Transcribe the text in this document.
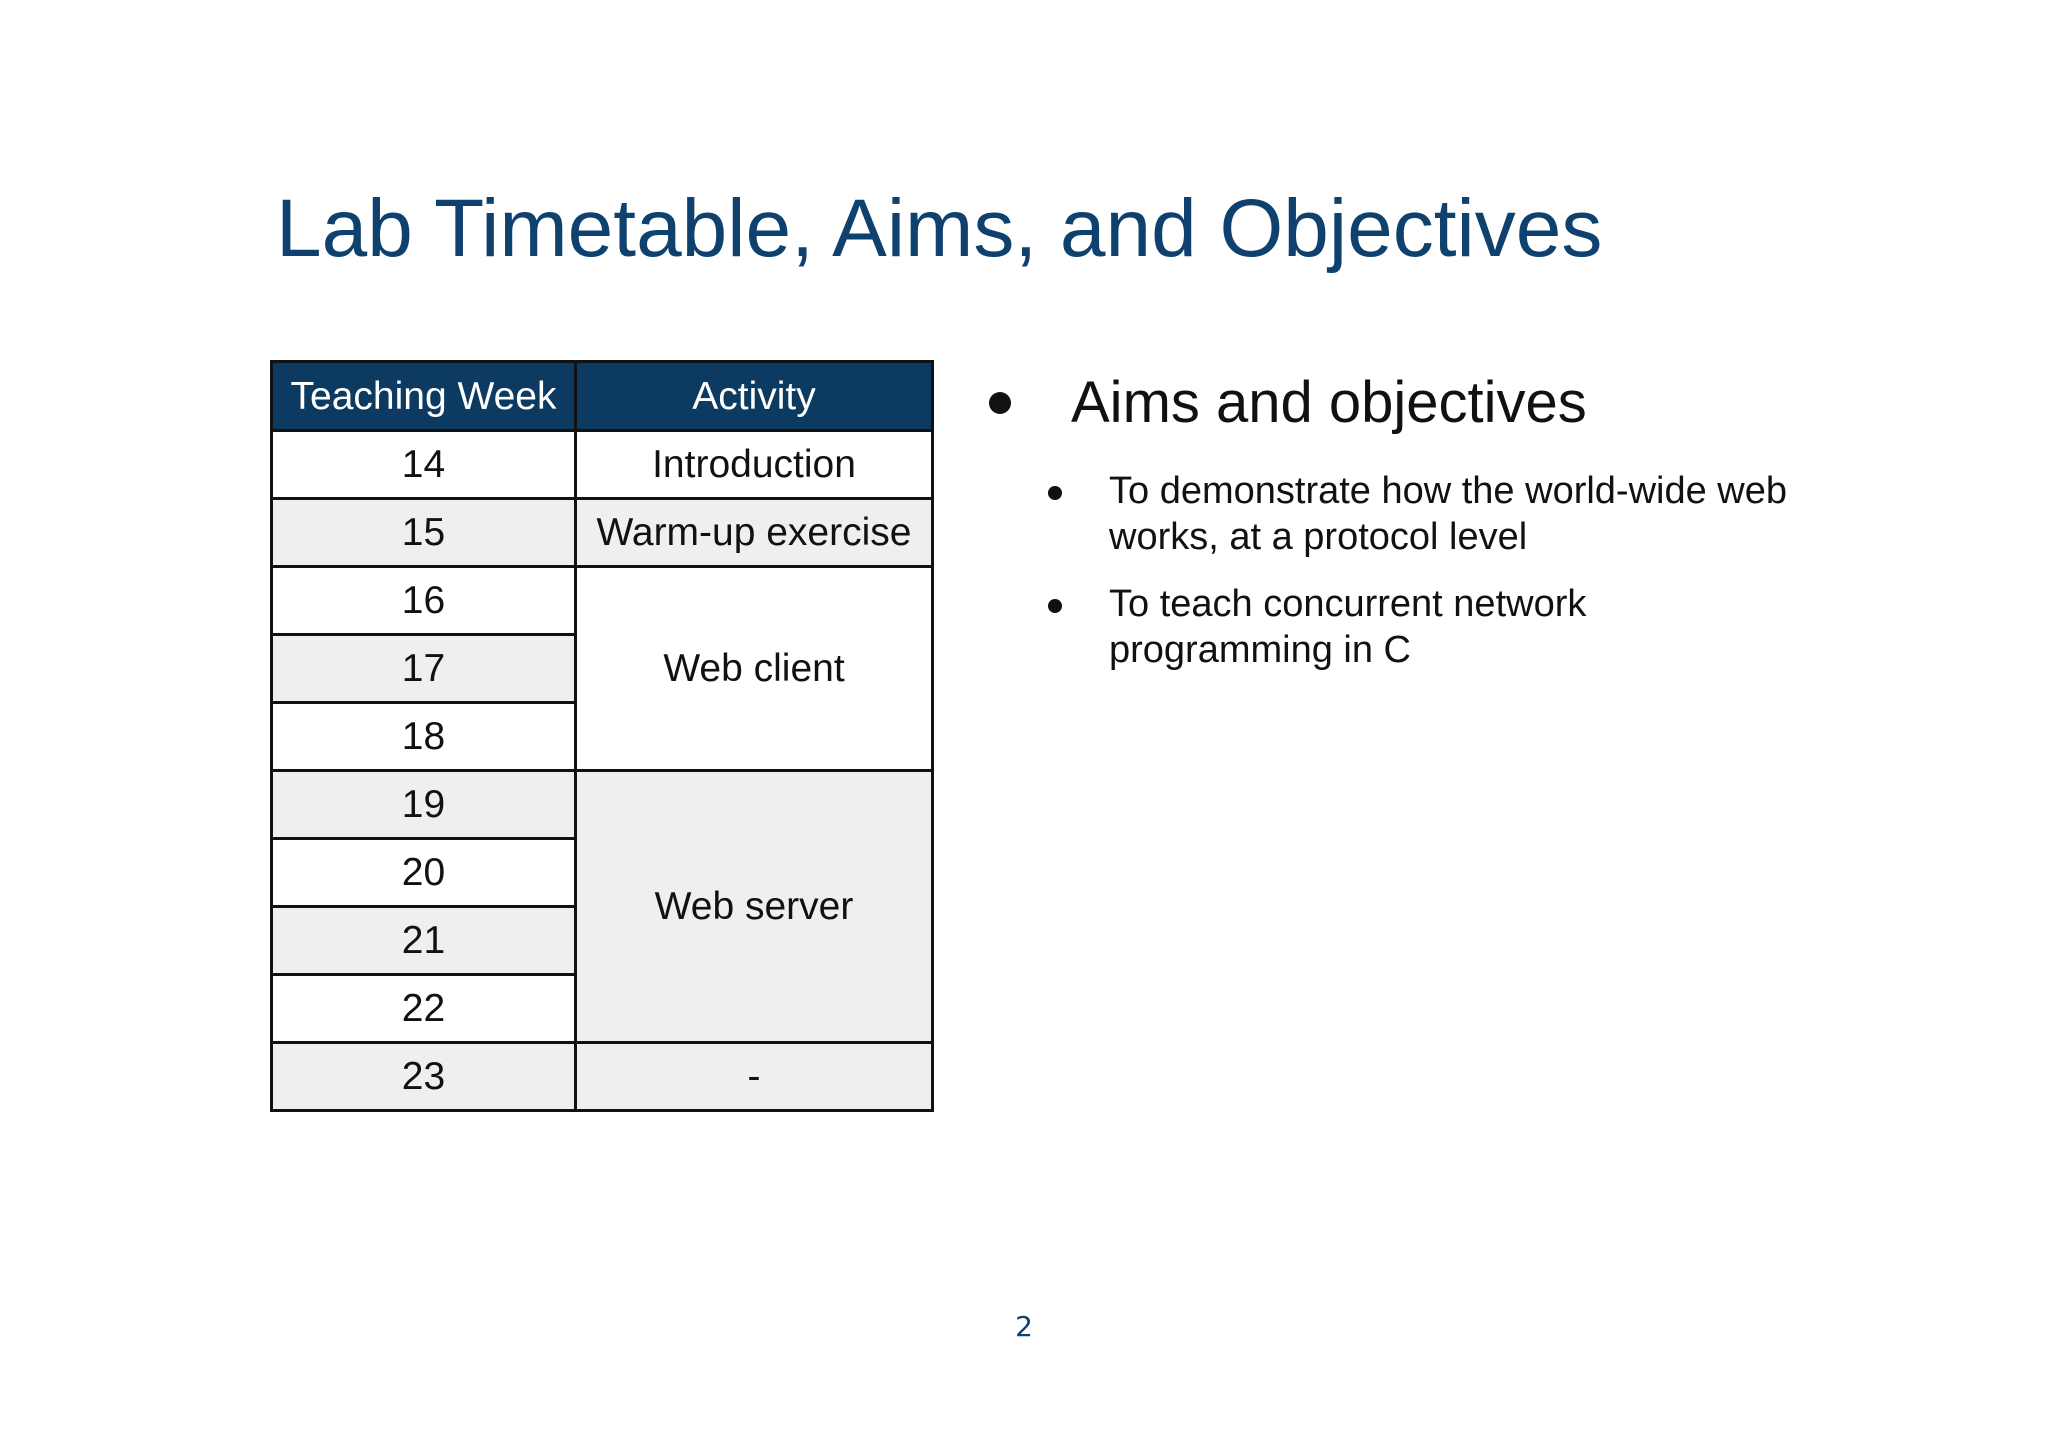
Lab Timetable, Aims, and Objectives
Teaching Week	Activity
14	Introduction
15	Warm-up exercise
16	Web client
17	
18	
19	Web server
20	
21	
22	
23	-
Aims and objectives
To demonstrate how the world-wide web works, at a protocol level
To teach concurrent network programming in C
2
